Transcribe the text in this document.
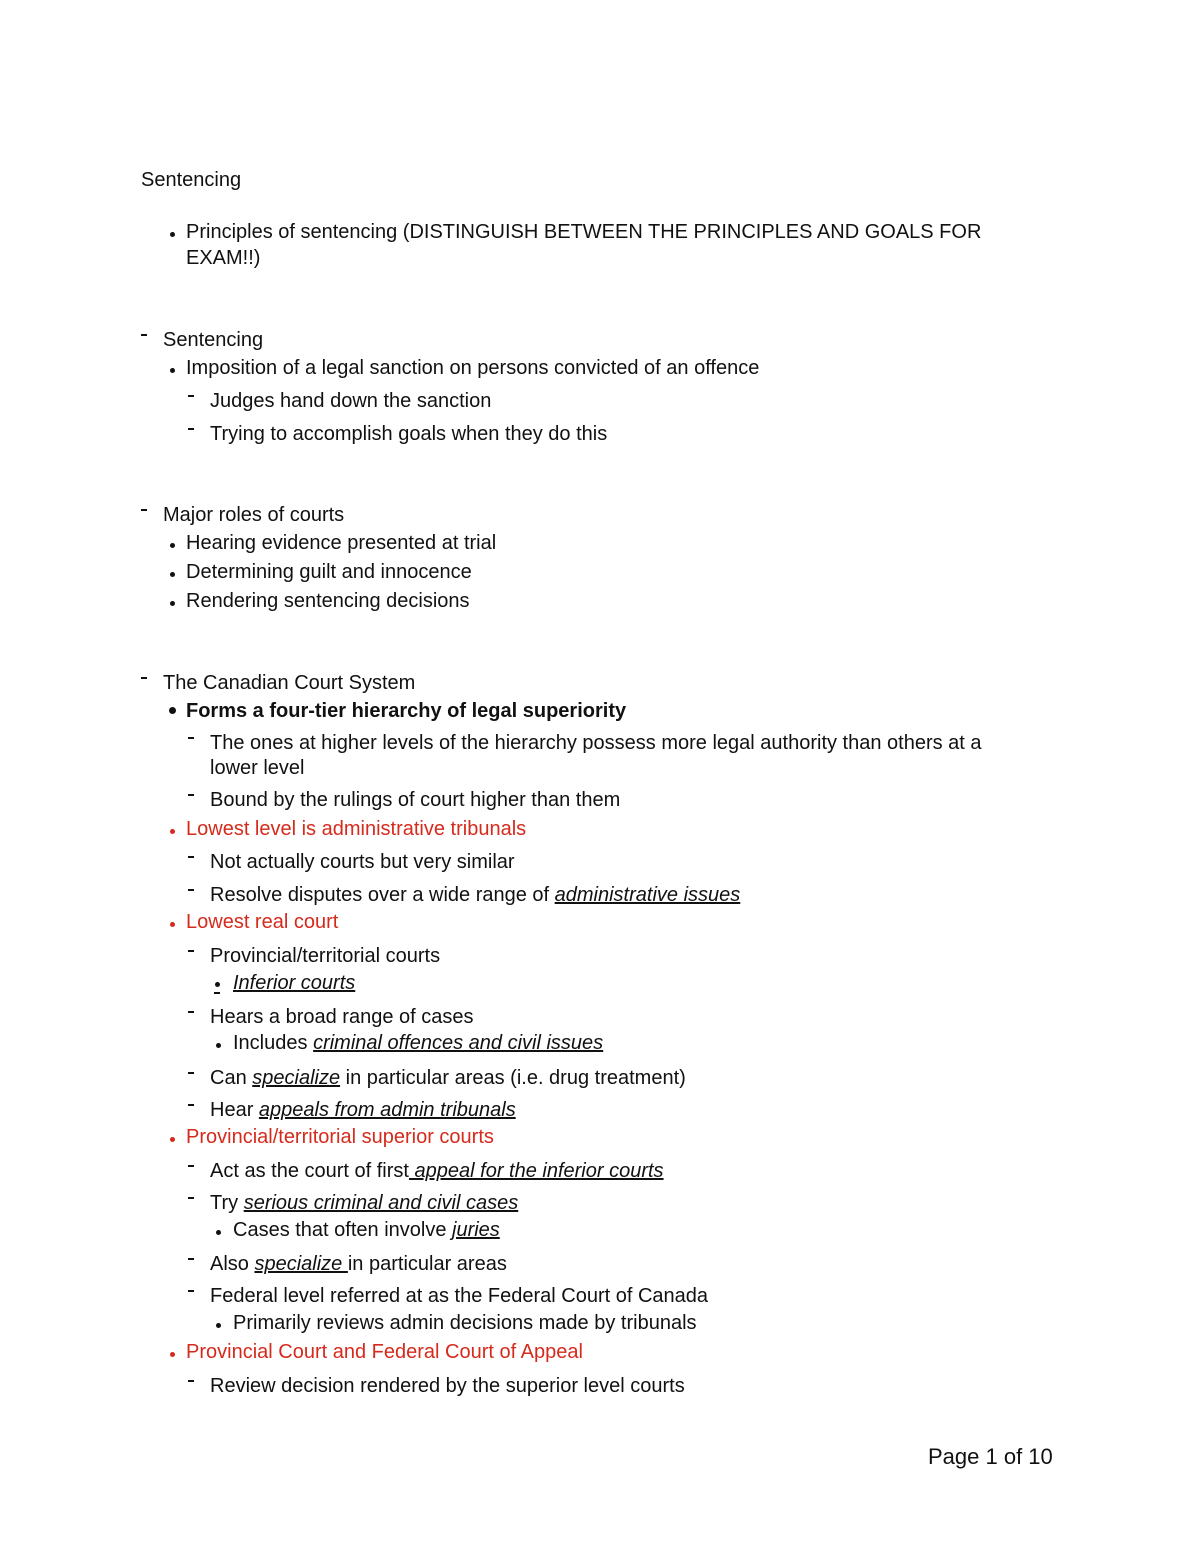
Sentencing
Principles of sentencing (DISTINGUISH BETWEEN THE PRINCIPLES AND GOALS FOR
EXAM!!)
Sentencing
Imposition of a legal sanction on persons convicted of an offence
Judges hand down the sanction
Trying to accomplish goals when they do this
Major roles of courts
Hearing evidence presented at trial
Determining guilt and innocence
Rendering sentencing decisions
The Canadian Court System
Forms a four-tier hierarchy of legal superiority
The ones at higher levels of the hierarchy possess more legal authority than others at a
lower level
Bound by the rulings of court higher than them
Lowest level is administrative tribunals
Not actually courts but very similar
Resolve disputes over a wide range of administrative issues
Lowest real court
Provincial/territorial courts
Inferior courts
Hears a broad range of cases
Includes criminal offences and civil issues
Can specialize in particular areas (i.e. drug treatment)
Hear appeals from admin tribunals
Provincial/territorial superior courts
Act as the court of first appeal for the inferior courts
Try serious criminal and civil cases
Cases that often involve juries
Also specialize in particular areas
Federal level referred at as the Federal Court of Canada
Primarily reviews admin decisions made by tribunals
Provincial Court and Federal Court of Appeal
Review decision rendered by the superior level courts
Page 1 of 10
